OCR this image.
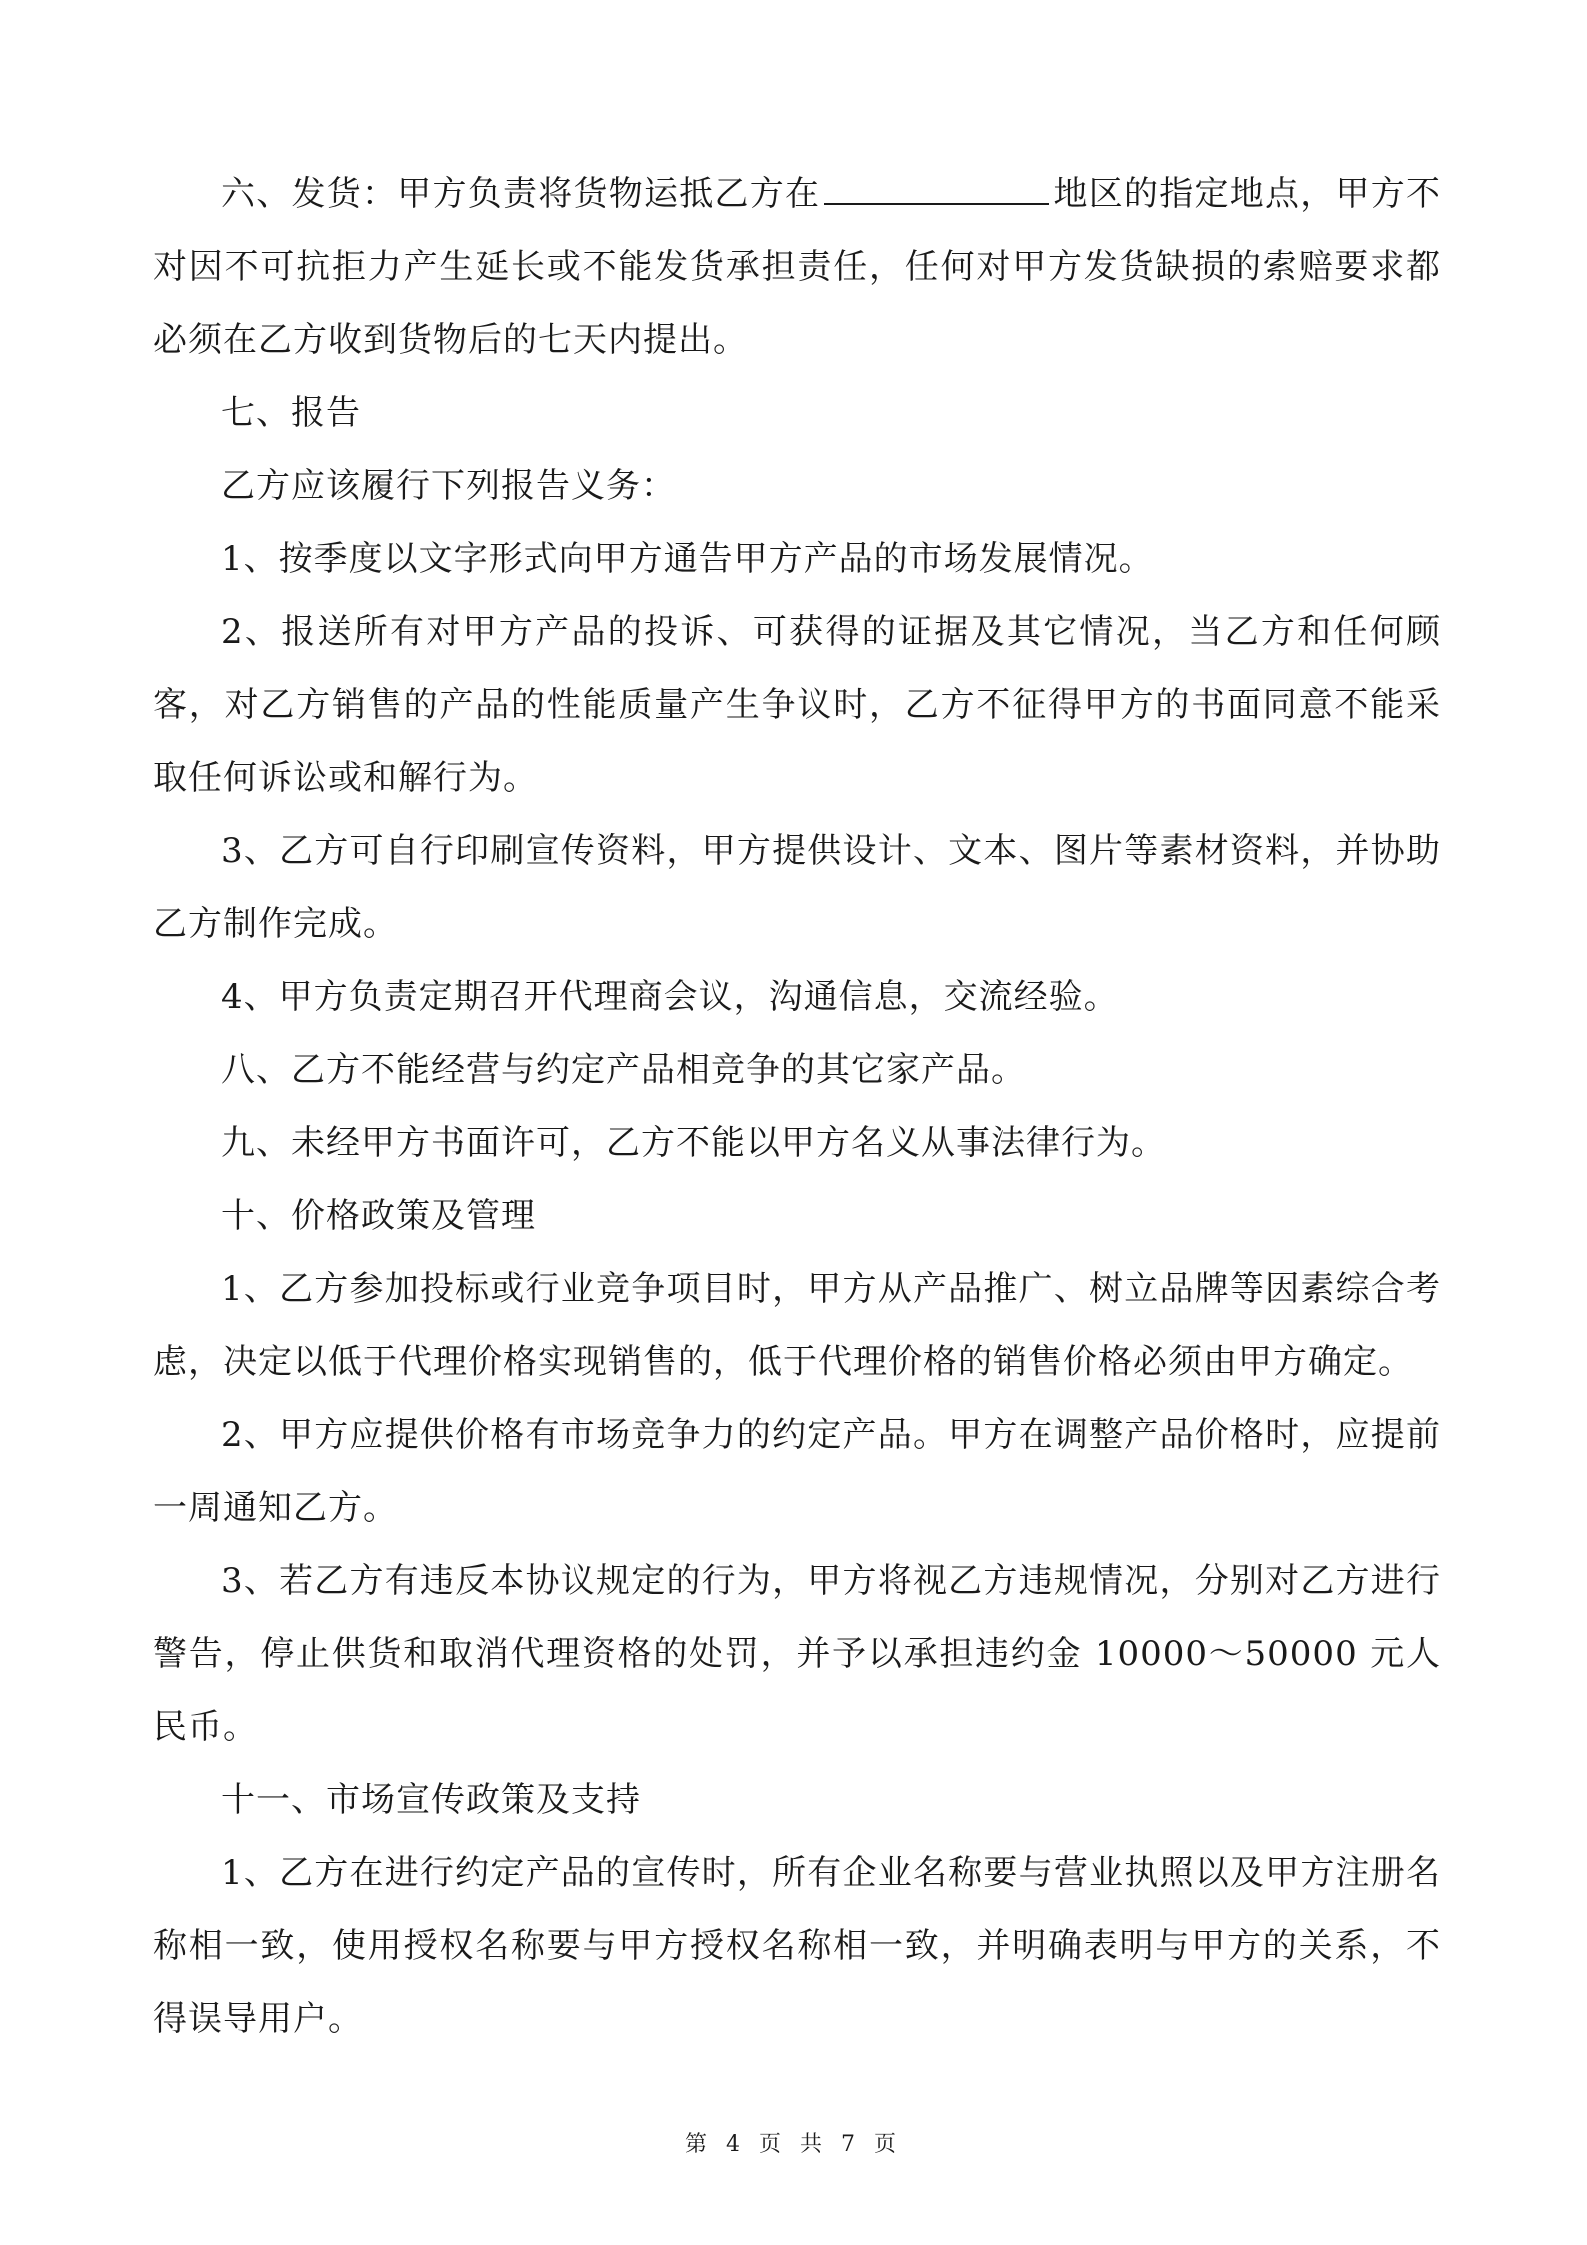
六、发货：甲方负责将货物运抵乙方在	地区的指定地点，甲方不对因不可抗拒力产生延长或不能发货承担责任，任何对甲方发货缺损的索赔要求都必须在乙方收到货物后的七天内提出。

七、报告

乙方应该履行下列报告义务：

1、按季度以文字形式向甲方通告甲方产品的市场发展情况。

2、报送所有对甲方产品的投诉、可获得的证据及其它情况，当乙方和任何顾客，对乙方销售的产品的性能质量产生争议时，乙方不征得甲方的书面同意不能采取任何诉讼或和解行为。

3、乙方可自行印刷宣传资料，甲方提供设计、文本、图片等素材资料，并协助乙方制作完成。

4、甲方负责定期召开代理商会议，沟通信息，交流经验。

八、乙方不能经营与约定产品相竞争的其它家产品。

九、未经甲方书面许可，乙方不能以甲方名义从事法律行为。

十、价格政策及管理

1、乙方参加投标或行业竞争项目时，甲方从产品推广、树立品牌等因素综合考虑，决定以低于代理价格实现销售的，低于代理价格的销售价格必须由甲方确定。

2、甲方应提供价格有市场竞争力的约定产品。甲方在调整产品价格时，应提前一周通知乙方。

3、若乙方有违反本协议规定的行为，甲方将视乙方违规情况，分别对乙方进行警告，停止供货和取消代理资格的处罚，并予以承担违约金 10000～50000 元人民币。

十一、市场宣传政策及支持

1、乙方在进行约定产品的宣传时，所有企业名称要与营业执照以及甲方注册名称相一致，使用授权名称要与甲方授权名称相一致，并明确表明与甲方的关系，不得误导用户。

第 4 页 共 7 页
